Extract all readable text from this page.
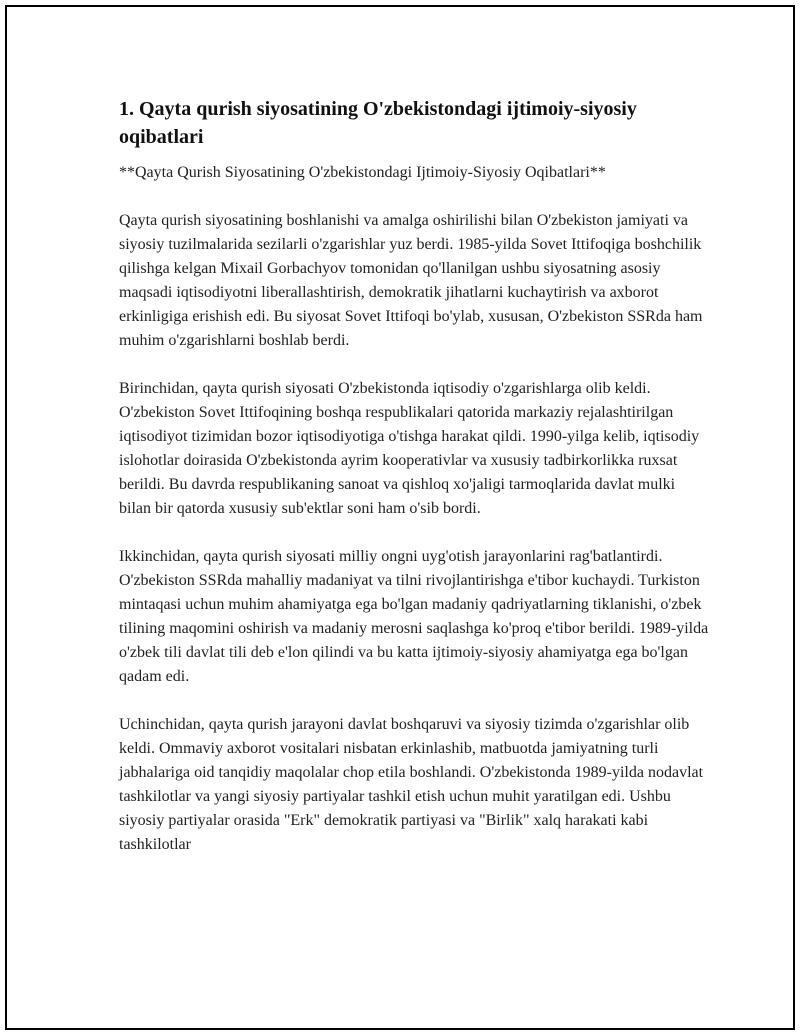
1. Qayta qurish siyosatining O'zbekistondagi ijtimoiy-siyosiy oqibatlari

**Qayta Qurish Siyosatining O'zbekistondagi Ijtimoiy-Siyosiy Oqibatlari**

Qayta qurish siyosatining boshlanishi va amalga oshirilishi bilan O'zbekiston jamiyati va siyosiy tuzilmalarida sezilarli o'zgarishlar yuz berdi. 1985-yilda Sovet Ittifoqiga boshchilik qilishga kelgan Mixail Gorbachyov tomonidan qo'llanilgan ushbu siyosatning asosiy maqsadi iqtisodiyotni liberallashtirish, demokratik jihatlarni kuchaytirish va axborot erkinligiga erishish edi. Bu siyosat Sovet Ittifoqi bo'ylab, xususan, O'zbekiston SSRda ham muhim o'zgarishlarni boshlab berdi.

Birinchidan, qayta qurish siyosati O'zbekistonda iqtisodiy o'zgarishlarga olib keldi. O'zbekiston Sovet Ittifoqining boshqa respublikalari qatorida markaziy rejalashtirilgan iqtisodiyot tizimidan bozor iqtisodiyotiga o'tishga harakat qildi. 1990-yilga kelib, iqtisodiy islohotlar doirasida O'zbekistonda ayrim kooperativlar va xususiy tadbirkorlikka ruxsat berildi. Bu davrda respublikaning sanoat va qishloq xo'jaligi tarmoqlarida davlat mulki bilan bir qatorda xususiy sub'ektlar soni ham o'sib bordi.

Ikkinchidan, qayta qurish siyosati milliy ongni uyg'otish jarayonlarini rag'batlantirdi. O'zbekiston SSRda mahalliy madaniyat va tilni rivojlantirishga e'tibor kuchaydi. Turkiston mintaqasi uchun muhim ahamiyatga ega bo'lgan madaniy qadriyatlarning tiklanishi, o'zbek tilining maqomini oshirish va madaniy merosni saqlashga ko'proq e'tibor berildi. 1989-yilda o'zbek tili davlat tili deb e'lon qilindi va bu katta ijtimoiy-siyosiy ahamiyatga ega bo'lgan qadam edi.

Uchinchidan, qayta qurish jarayoni davlat boshqaruvi va siyosiy tizimda o'zgarishlar olib keldi. Ommaviy axborot vositalari nisbatan erkinlashib, matbuotda jamiyatning turli jabhalariga oid tanqidiy maqolalar chop etila boshlandi. O'zbekistonda 1989-yilda nodavlat tashkilotlar va yangi siyosiy partiyalar tashkil etish uchun muhit yaratilgan edi. Ushbu siyosiy partiyalar orasida "Erk" demokratik partiyasi va "Birlik" xalq harakati kabi tashkilotlar
